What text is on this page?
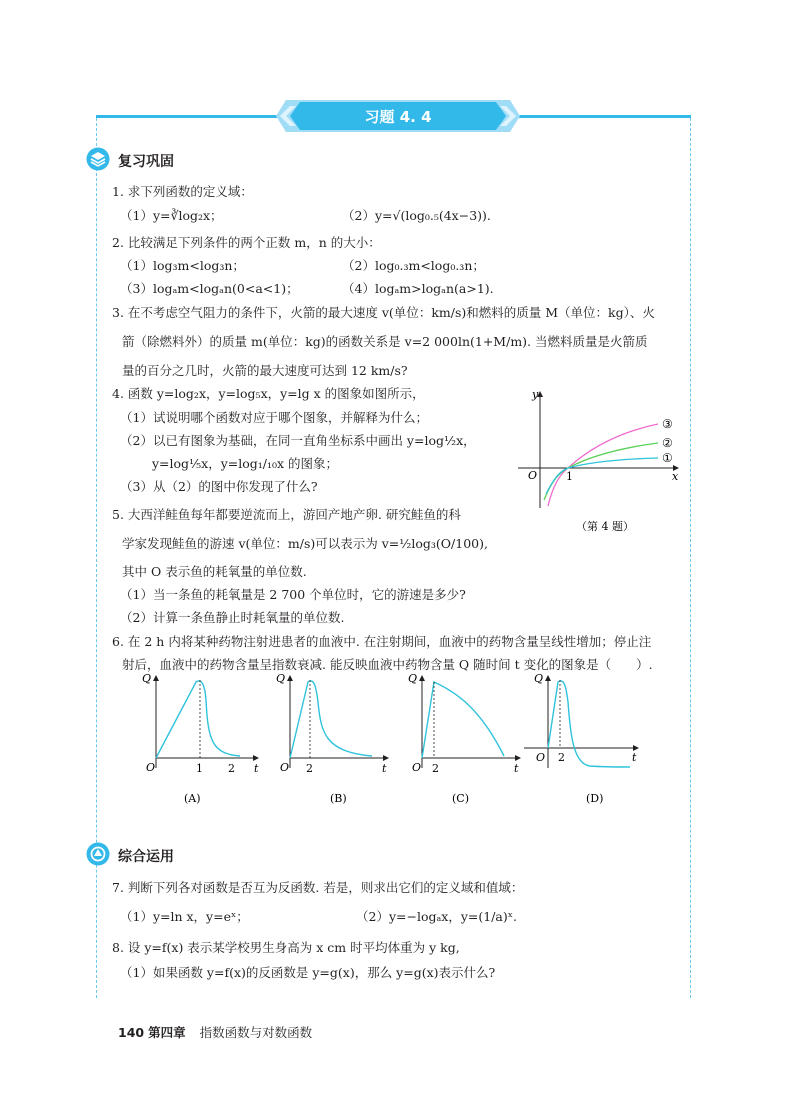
习题 4. 4
复习巩固
1. 求下列函数的定义域：
（1）y=∛log₂x；	（2）y=√(log₀.₅(4x−3)).
2. 比较满足下列条件的两个正数 m，n 的大小：
（1）log₃m<log₃n；	（2）log₀.₃m<log₀.₃n；
（3）logₐm<logₐn(0<a<1)；	（4）logₐm>logₐn(a>1).
3. 在不考虑空气阻力的条件下，火箭的最大速度 v(单位：km/s)和燃料的质量 M（单位：kg）、火
箭（除燃料外）的质量 m(单位：kg)的函数关系是 v=2 000ln(1+M/m). 当燃料质量是火箭质
量的百分之几时，火箭的最大速度可达到 12 km/s?
4. 函数 y=log₂x，y=log₅x，y=lg x 的图象如图所示，
（1）试说明哪个函数对应于哪个图象，并解释为什么；
（2）以已有图象为基础，在同一直角坐标系中画出 y=log½x，
y=log⅕x，y=log₁/₁₀x 的图象；
（3）从（2）的图中你发现了什么?
③
②
①
y
x
O	1
（第 4 题）
5. 大西洋鲑鱼每年都要逆流而上，游回产地产卵. 研究鲑鱼的科
学家发现鲑鱼的游速 v(单位：m/s)可以表示为 v=½log₃(O/100),
其中 O 表示鱼的耗氧量的单位数.
（1）当一条鱼的耗氧量是 2 700 个单位时，它的游速是多少?
（2）计算一条鱼静止时耗氧量的单位数.
6. 在 2 h 内将某种药物注射进患者的血液中. 在注射期间，血液中的药物含量呈线性增加；停止注
射后，血液中的药物含量呈指数衰减. 能反映血液中药物含量 Q 随时间 t 变化的图象是（　　）.
Q
O	1 2 t
(A)
Q
O 2	t
(B)
Q
O 2	t
(C)
Q
O 2	t
(D)
综合运用
7. 判断下列各对函数是否互为反函数. 若是，则求出它们的定义域和值域：
（1）y=ln x，y=eˣ；	（2）y=−logₐx，y=(1/a)ˣ.
8. 设 y=f(x) 表示某学校男生身高为 x cm 时平均体重为 y kg,
（1）如果函数 y=f(x)的反函数是 y=g(x)，那么 y=g(x)表示什么?
140 第四章 指数函数与对数函数
